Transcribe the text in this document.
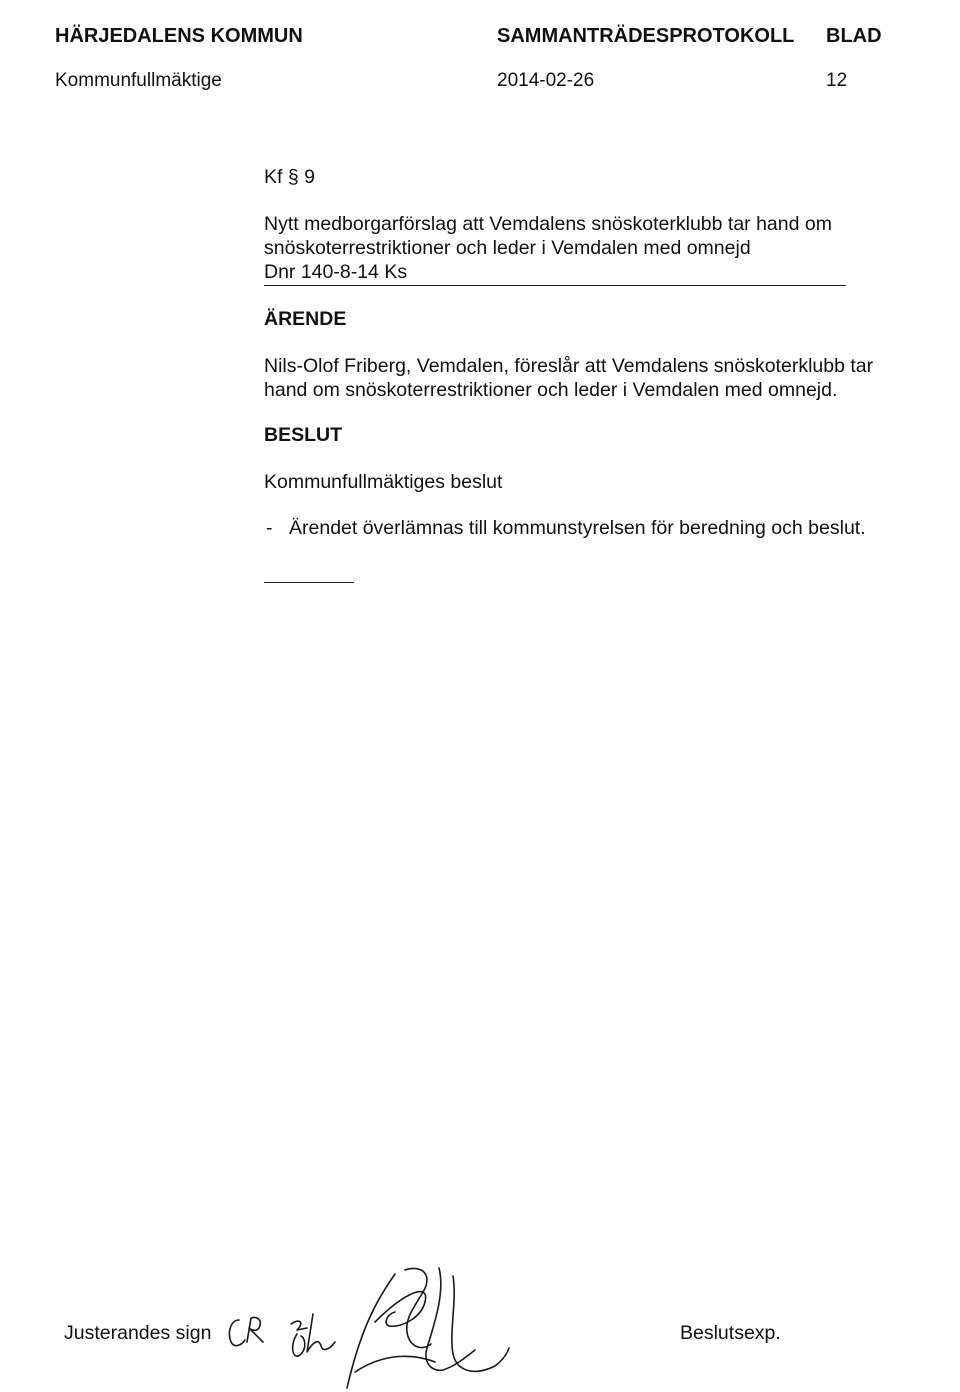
HÄRJEDALENS KOMMUN	SAMMANTRÄDESPROTOKOLL BLAD
Kommunfullmäktige	2014-02-26	12
Kf § 9
Nytt medborgarförslag att Vemdalens snöskoterklubb tar hand om
snöskoterrestriktioner och leder i Vemdalen med omnejd
Dnr 140-8-14 Ks
ÄRENDE
Nils-Olof Friberg, Vemdalen, föreslår att Vemdalens snöskoterklubb tar
hand om snöskoterrestriktioner och leder i Vemdalen med omnejd.
BESLUT
Kommunfullmäktiges beslut
- Ärendet överlämnas till kommunstyrelsen för beredning och beslut.
Justerandes sign	Beslutsexp.
